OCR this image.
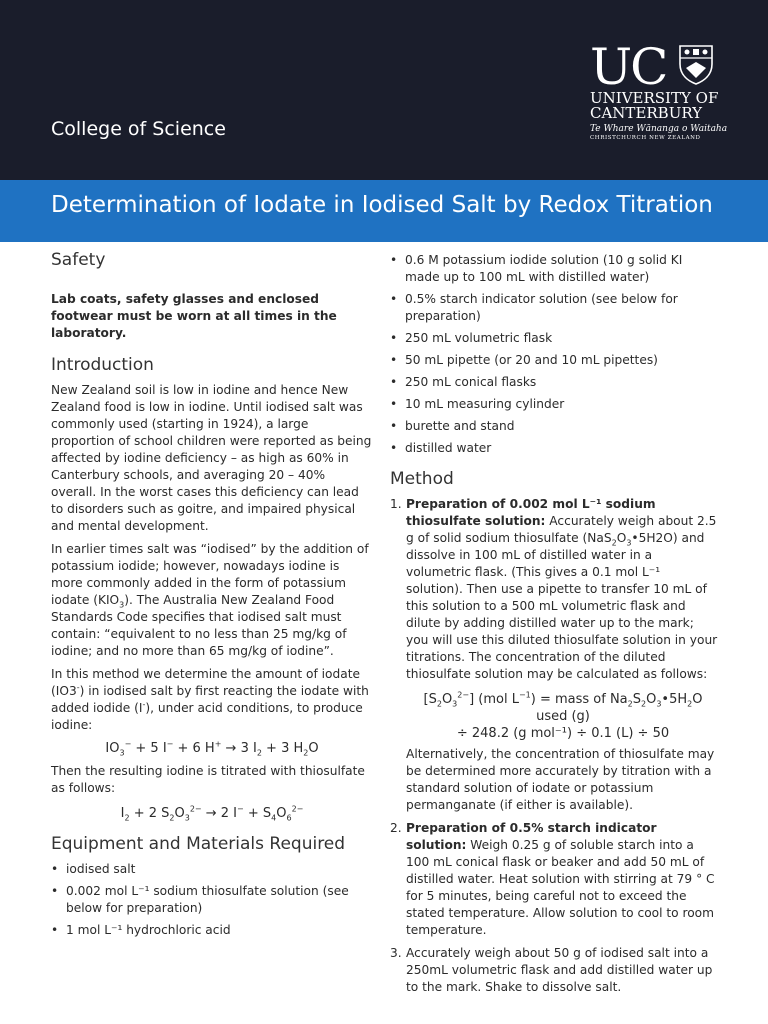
College of Science
UC
UNIVERSITY OF
CANTERBURY
Te Whare Wānanga o Waitaha
CHRISTCHURCH NEW ZEALAND
Determination of Iodate in Iodised Salt by Redox Titration
Safety

Lab coats, safety glasses and enclosed footwear must be worn at all times in the laboratory.

Introduction

New Zealand soil is low in iodine and hence New Zealand food is low in iodine. Until iodised salt was commonly used (starting in 1924), a large proportion of school children were reported as being affected by iodine deficiency – as high as 60% in Canterbury schools, and averaging 20 – 40% overall. In the worst cases this deficiency can lead to disorders such as goitre, and impaired physical and mental development.

In earlier times salt was “iodised” by the addition of potassium iodide; however, nowadays iodine is more commonly added in the form of potassium iodate $(KIO_3)$. The Australia New Zealand Food Standards Code specifies that iodised salt must contain: “equivalent to no less than 25 mg/kg of iodine; and no more than 65 mg/kg of iodine”.

In this method we determine the amount of iodate (IO3-) in iodised salt by first reacting the iodate with added iodide (I-), under acid conditions, to produce iodine:

$IO_3^- + 5$ I− + 6 H+ → 3 $I_2 + 3$ $H_2O$

Then the resulting iodine is titrated with thiosulfate as follows:

$I_2 + 2$ $S_2O_3^{2-} \to 2$ $I^- + S_4O_6^{2-}$
Equipment and Materials Required
• iodised salt
• 0.002 mol L⁻¹ sodium thiosulfate solution (see below for preparation)
• 1 mol L⁻¹ hydrochloric acid
• 0.6 M potassium iodide solution (10 g solid KI made up to 100 mL with distilled water)
• 0.5% starch indicator solution (see below for preparation)
• 250 mL volumetric flask
• 50 mL pipette (or 20 and 10 mL pipettes)
• 250 mL conical flasks
• 10 mL measuring cylinder
• burette and stand
• distilled water
Method
1. Preparation of 0.002 mol L⁻¹ sodium thiosulfate solution: Accurately weigh about 2.5 g of solid sodium thiosulfate $(NaS_2O_3•5H2O)$ and dissolve in 100 mL of distilled water in a volumetric flask. (This gives a 0.1 mol L⁻¹ solution). Then use a pipette to transfer 10 mL of this solution to a 500 mL volumetric flask and dilute by adding distilled water up to the mark; you will use this diluted thiosulfate solution in your titrations. The concentration of the diluted thiosulfate solution may be calculated as follows:
$[S_2O_3^{2-}]$ (mol $L^{-1}$) = mass of $Na_2S_2O_3•5H_2O$ used (g)
÷ 248.2 (g mol⁻¹) ÷ 0.1 (L) ÷ 50

Alternatively, the concentration of thiosulfate may be determined more accurately by titration with a standard solution of iodate or potassium permanganate (if either is available).

2. Preparation of 0.5% starch indicator solution: Weigh 0.25 g of soluble starch into a 100 mL conical flask or beaker and add 50 mL of distilled water. Heat solution with stirring at 79 ° C for 5 minutes, being careful not to exceed the stated temperature. Allow solution to cool to room temperature.
3. Accurately weigh about 50 g of iodised salt into a 250mL volumetric flask and add distilled water up to the mark. Shake to dissolve salt.
